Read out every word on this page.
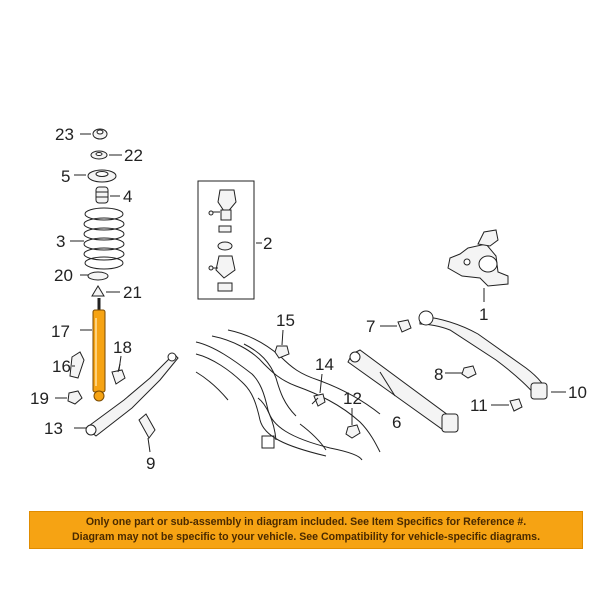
23
22
5
4
3
20
21
17
18
16
19
13
9
2
15
14
12
6
7
8
11
10
1
Only one part or sub-assembly in diagram included. See Item Specifics for Reference #.
Diagram may not be specific to your vehicle. See Compatibility for vehicle-specific diagrams.
